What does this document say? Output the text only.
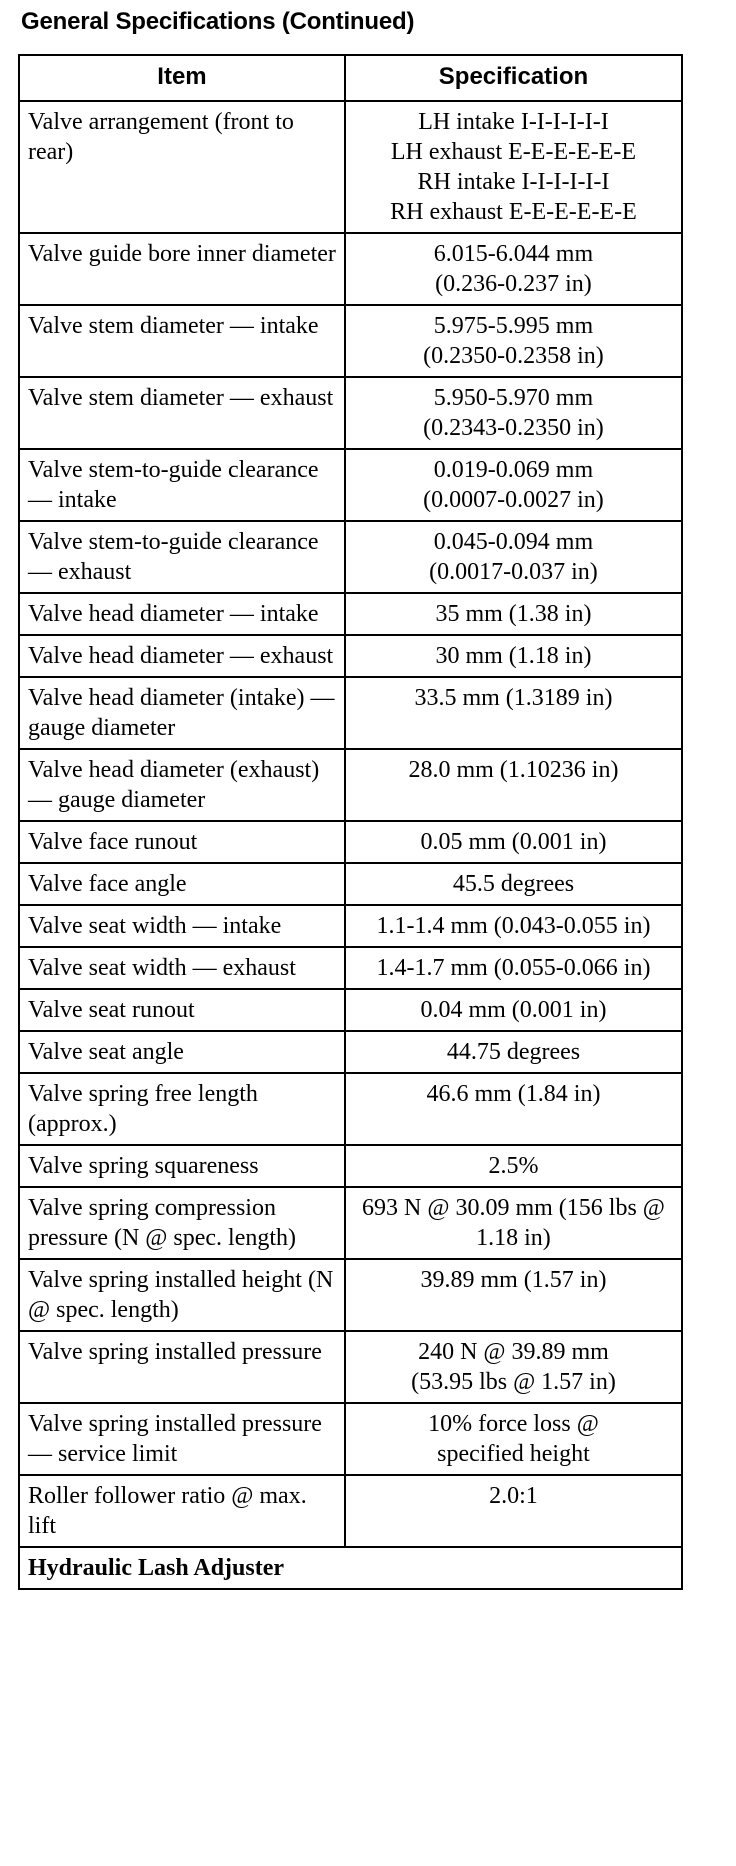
General Specifications (Continued)
Item	Specification
Valve arrangement (front to rear)	LH intake I-I-I-I-I-I
LH exhaust E-E-E-E-E-E
RH intake I-I-I-I-I-I
RH exhaust E-E-E-E-E-E

Valve guide bore inner diameter	6.015-6.044 mm
(0.236-0.237 in)

Valve stem diameter — intake	5.975-5.995 mm
(0.2350-0.2358 in)

Valve stem diameter — exhaust	5.950-5.970 mm
(0.2343-0.2350 in)

Valve stem-to-guide clearance — intake	0.019-0.069 mm
(0.0007-0.0027 in)

Valve stem-to-guide clearance — exhaust	0.045-0.094 mm
(0.0017-0.037 in)

Valve head diameter — intake	35 mm (1.38 in)

Valve head diameter — exhaust	30 mm (1.18 in)

Valve head diameter (intake) — gauge diameter	33.5 mm (1.3189 in)

Valve head diameter (exhaust) — gauge diameter	28.0 mm (1.10236 in)

Valve face runout	0.05 mm (0.001 in)

Valve face angle	45.5 degrees

Valve seat width — intake	1.1-1.4 mm (0.043-0.055 in)

Valve seat width — exhaust	1.4-1.7 mm (0.055-0.066 in)

Valve seat runout	0.04 mm (0.001 in)

Valve seat angle	44.75 degrees

Valve spring free length (approx.)	46.6 mm (1.84 in)

Valve spring squareness	2.5%

Valve spring compression pressure (N @ spec. length)	693 N @ 30.09 mm (156 lbs @ 1.18 in)

Valve spring installed height (N @ spec. length)	39.89 mm (1.57 in)

Valve spring installed pressure	240 N @ 39.89 mm
(53.95 lbs @ 1.57 in)

Valve spring installed pressure — service limit	10% force loss @
specified height

Roller follower ratio @ max. lift	2.0:1

Hydraulic Lash Adjuster	
